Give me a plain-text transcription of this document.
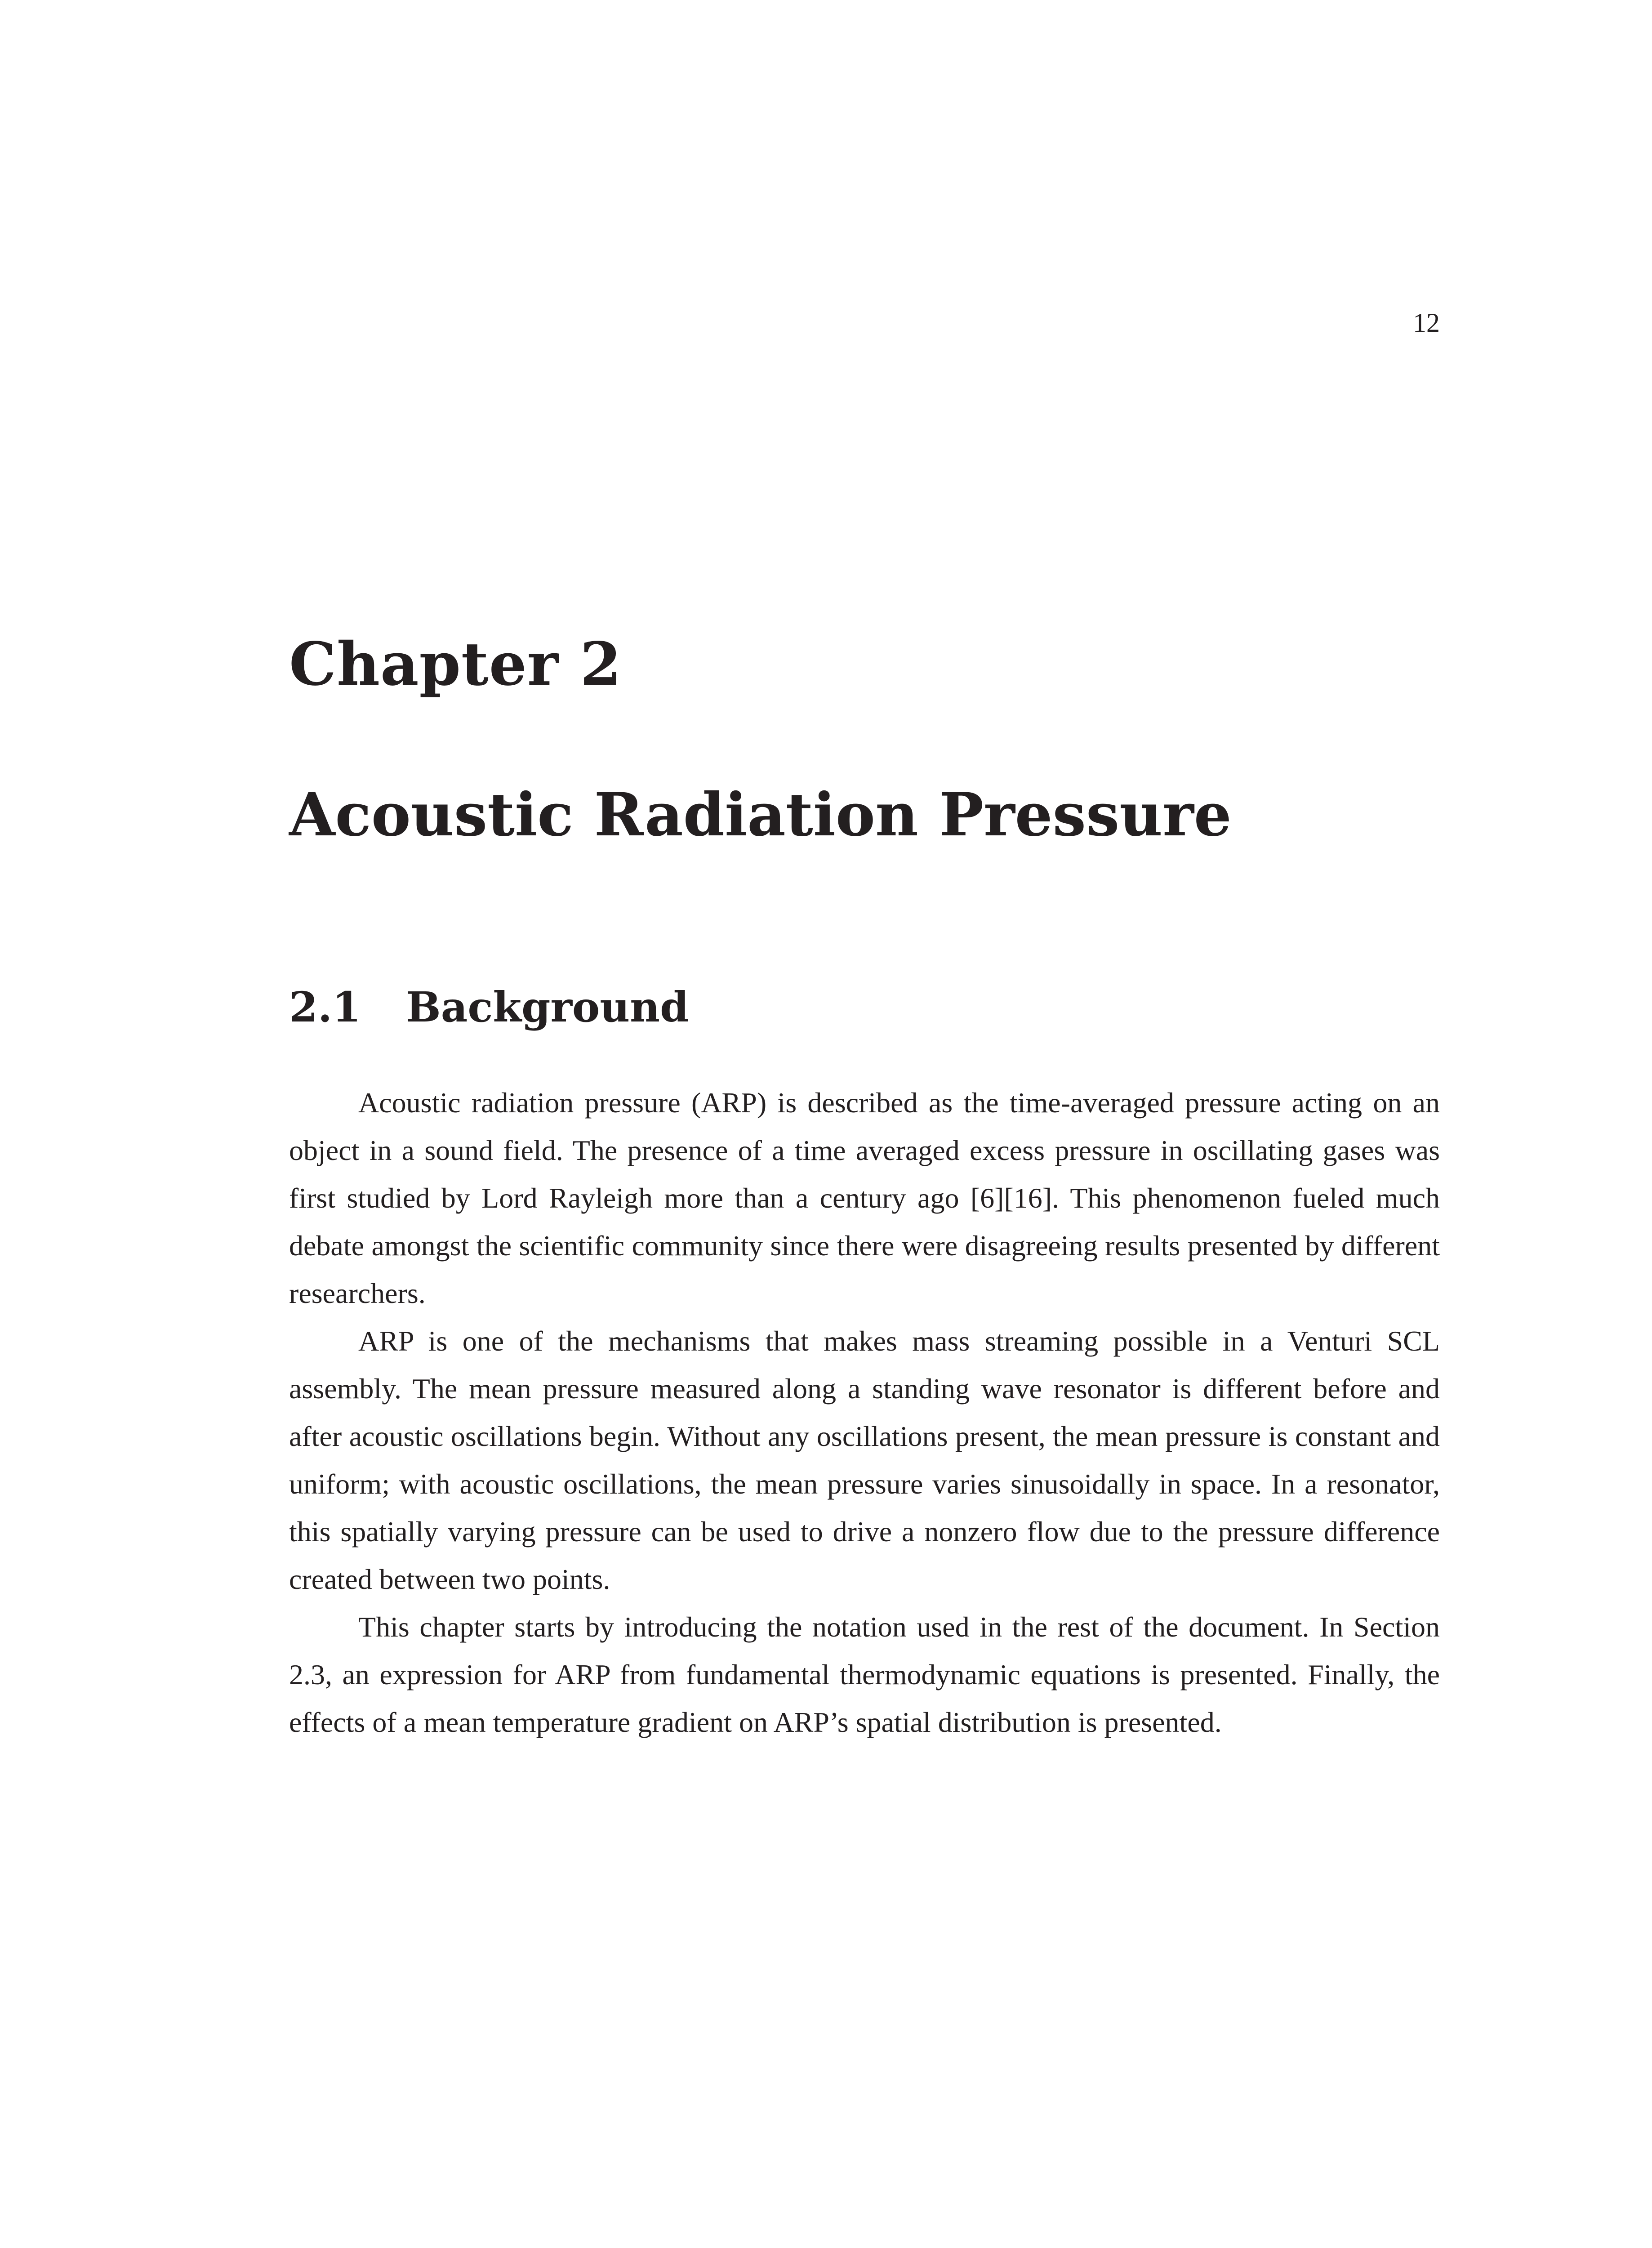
12
Chapter 2
Acoustic Radiation Pressure
2.1 Background

Acoustic radiation pressure (ARP) is described as the time-averaged pressure acting on an object in a sound field. The presence of a time averaged excess pressure in oscillating gases was first studied by Lord Rayleigh more than a century ago [6][16]. This phenomenon fueled much debate amongst the scientific community since there were disagreeing results presented by different researchers.

ARP is one of the mechanisms that makes mass streaming possible in a Venturi SCL assembly. The mean pressure measured along a standing wave resonator is different before and after acoustic oscillations begin. Without any oscillations present, the mean pressure is constant and uniform; with acoustic oscillations, the mean pressure varies sinusoidally in space. In a resonator, this spatially varying pressure can be used to drive a nonzero flow due to the pressure difference created between two points.

This chapter starts by introducing the notation used in the rest of the document. In Section 2.3, an expression for ARP from fundamental thermodynamic equations is presented. Finally, the effects of a mean temperature gradient on ARP’s spatial distribution is presented.
